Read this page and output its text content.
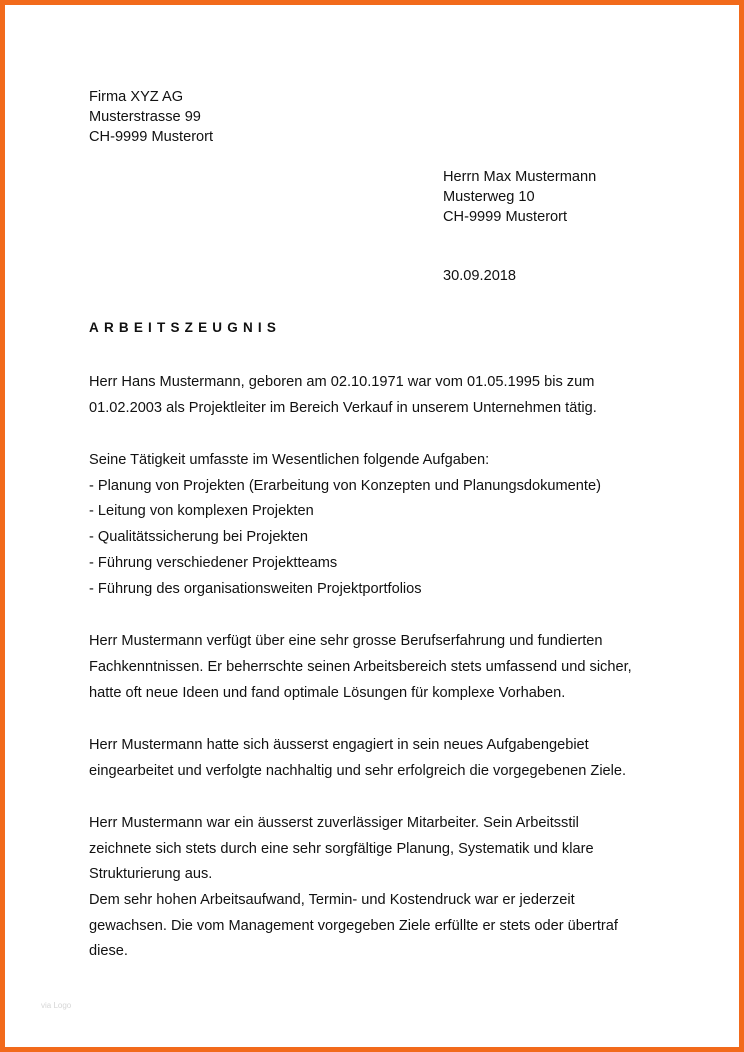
Firma XYZ AG
Musterstrasse 99
CH-9999 Musterort
Herrn Max Mustermann
Musterweg 10
CH-9999 Musterort
30.09.2018
ARBEITSZEUGNIS
Herr Hans Mustermann, geboren am 02.10.1971 war vom 01.05.1995 bis zum
01.02.2003 als Projektleiter im Bereich Verkauf in unserem Unternehmen tätig.
Seine Tätigkeit umfasste im Wesentlichen folgende Aufgaben:
- Planung von Projekten (Erarbeitung von Konzepten und Planungsdokumente)
- Leitung von komplexen Projekten
- Qualitätssicherung bei Projekten
- Führung verschiedener Projektteams
- Führung des organisationsweiten Projektportfolios
Herr Mustermann verfügt über eine sehr grosse Berufserfahrung und fundierten
Fachkenntnissen. Er beherrschte seinen Arbeitsbereich stets umfassend und sicher,
hatte oft neue Ideen und fand optimale Lösungen für komplexe Vorhaben.
Herr Mustermann hatte sich äusserst engagiert in sein neues Aufgabengebiet
eingearbeitet und verfolgte nachhaltig und sehr erfolgreich die vorgegebenen Ziele.
Herr Mustermann war ein äusserst zuverlässiger Mitarbeiter. Sein Arbeitsstil
zeichnete sich stets durch eine sehr sorgfältige Planung, Systematik und klare
Strukturierung aus.
Dem sehr hohen Arbeitsaufwand, Termin- und Kostendruck war er jederzeit
gewachsen. Die vom Management vorgegeben Ziele erfüllte er stets oder übertraf
diese.
via Logo
